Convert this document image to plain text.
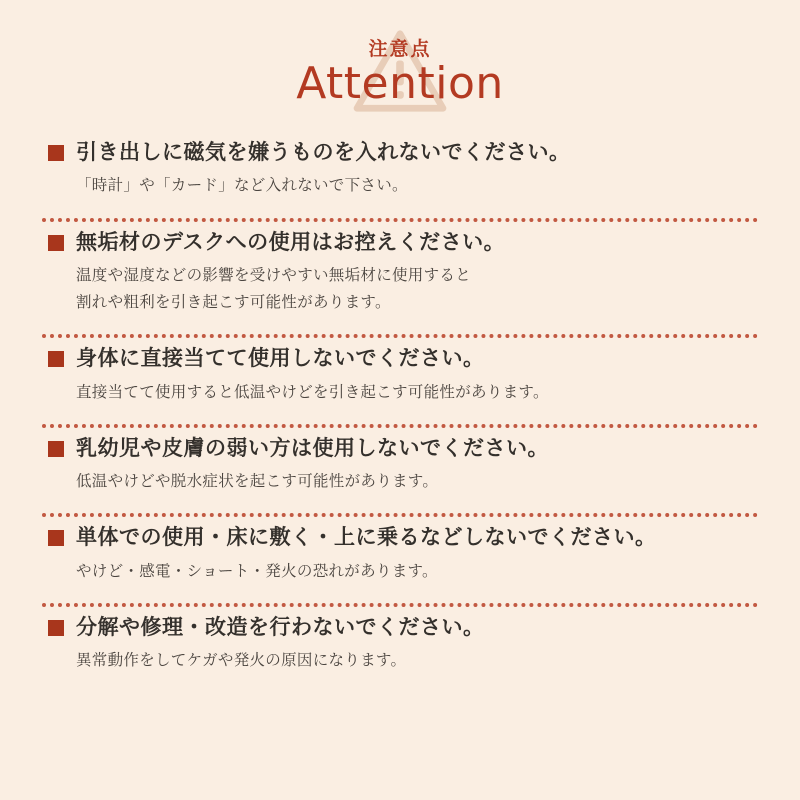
注意点
Attention
引き出しに磁気を嫌うものを入れないでください。
「時計」や「カード」など入れないで下さい。
無垢材のデスクへの使用はお控えください。
温度や湿度などの影響を受けやすい無垢材に使用すると
割れや粗利を引き起こす可能性があります。
身体に直接当てて使用しないでください。
直接当てて使用すると低温やけどを引き起こす可能性があります。
乳幼児や皮膚の弱い方は使用しないでください。
低温やけどや脱水症状を起こす可能性があります。
単体での使用・床に敷く・上に乗るなどしないでください。
やけど・感電・ショート・発火の恐れがあります。
分解や修理・改造を行わないでください。
異常動作をしてケガや発火の原因になります。
